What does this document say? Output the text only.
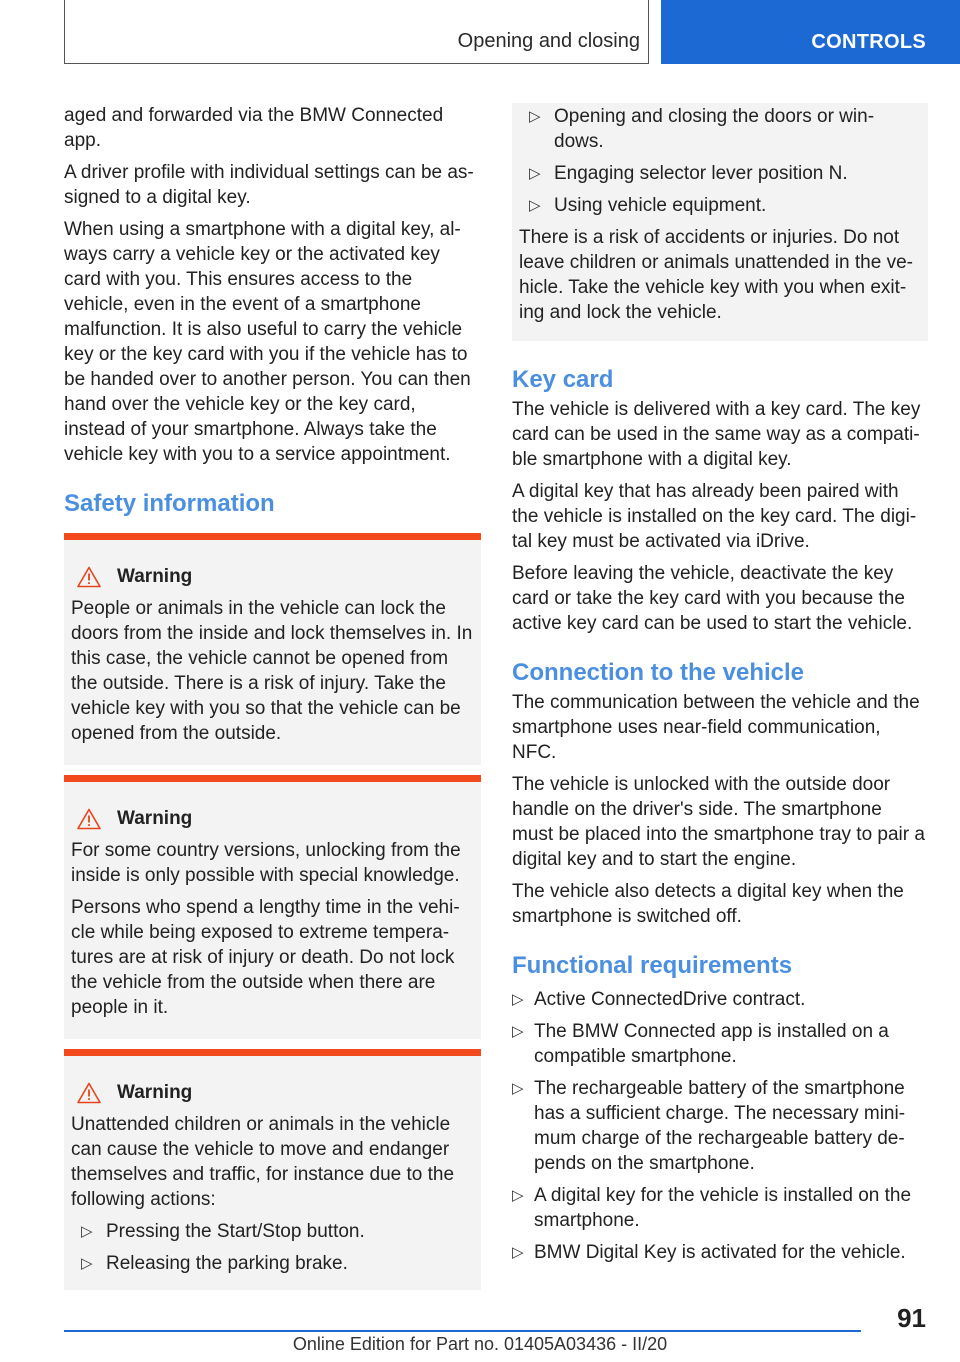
Opening and closing	CONTROLS

aged and forwarded via the BMW Connected app.

A driver profile with individual settings can be as-signed to a digital key.

When using a smartphone with a digital key, al-ways carry a vehicle key or the activated key card with you. This ensures access to the vehicle, even in the event of a smartphone malfunction. It is also useful to carry the vehicle key or the key card with you if the vehicle has to be handed over to another person. You can then hand over the vehicle key or the key card, instead of your smartphone. Always take the vehicle key with you to a service appointment.

Safety information
Warning

People or animals in the vehicle can lock the doors from the inside and lock themselves in. In this case, the vehicle cannot be opened from the outside. There is a risk of injury. Take the vehicle key with you so that the vehicle can be opened from the outside.

Warning

For some country versions, unlocking from the inside is only possible with special knowledge.

Persons who spend a lengthy time in the vehi-cle while being exposed to extreme tempera-tures are at risk of injury or death. Do not lock the vehicle from the outside when there are people in it.

Warning

Unattended children or animals in the vehicle can cause the vehicle to move and endanger themselves and traffic, for instance due to the following actions:

▷ Pressing the Start/Stop button.
▷ Releasing the parking brake.
▷ Opening and closing the doors or win-dows.
▷ Engaging selector lever position N.
▷ Using vehicle equipment.

There is a risk of accidents or injuries. Do not leave children or animals unattended in the ve-hicle. Take the vehicle key with you when exit-ing and lock the vehicle.

Key card

The vehicle is delivered with a key card. The key card can be used in the same way as a compati-ble smartphone with a digital key.

A digital key that has already been paired with the vehicle is installed on the key card. The digi-tal key must be activated via iDrive.

Before leaving the vehicle, deactivate the key card or take the key card with you because the active key card can be used to start the vehicle.

Connection to the vehicle

The communication between the vehicle and the smartphone uses near-field communication, NFC.

The vehicle is unlocked with the outside door handle on the driver's side. The smartphone must be placed into the smartphone tray to pair a digital key and to start the engine.

The vehicle also detects a digital key when the smartphone is switched off.

Functional requirements
▷ Active ConnectedDrive contract.
▷ The BMW Connected app is installed on a compatible smartphone.
▷ The rechargeable battery of the smartphone has a sufficient charge. The necessary mini-mum charge of the rechargeable battery de-pends on the smartphone.
▷ A digital key for the vehicle is installed on the smartphone.
▷ BMW Digital Key is activated for the vehicle.
91
Online Edition for Part no. 01405A03436 - II/20
